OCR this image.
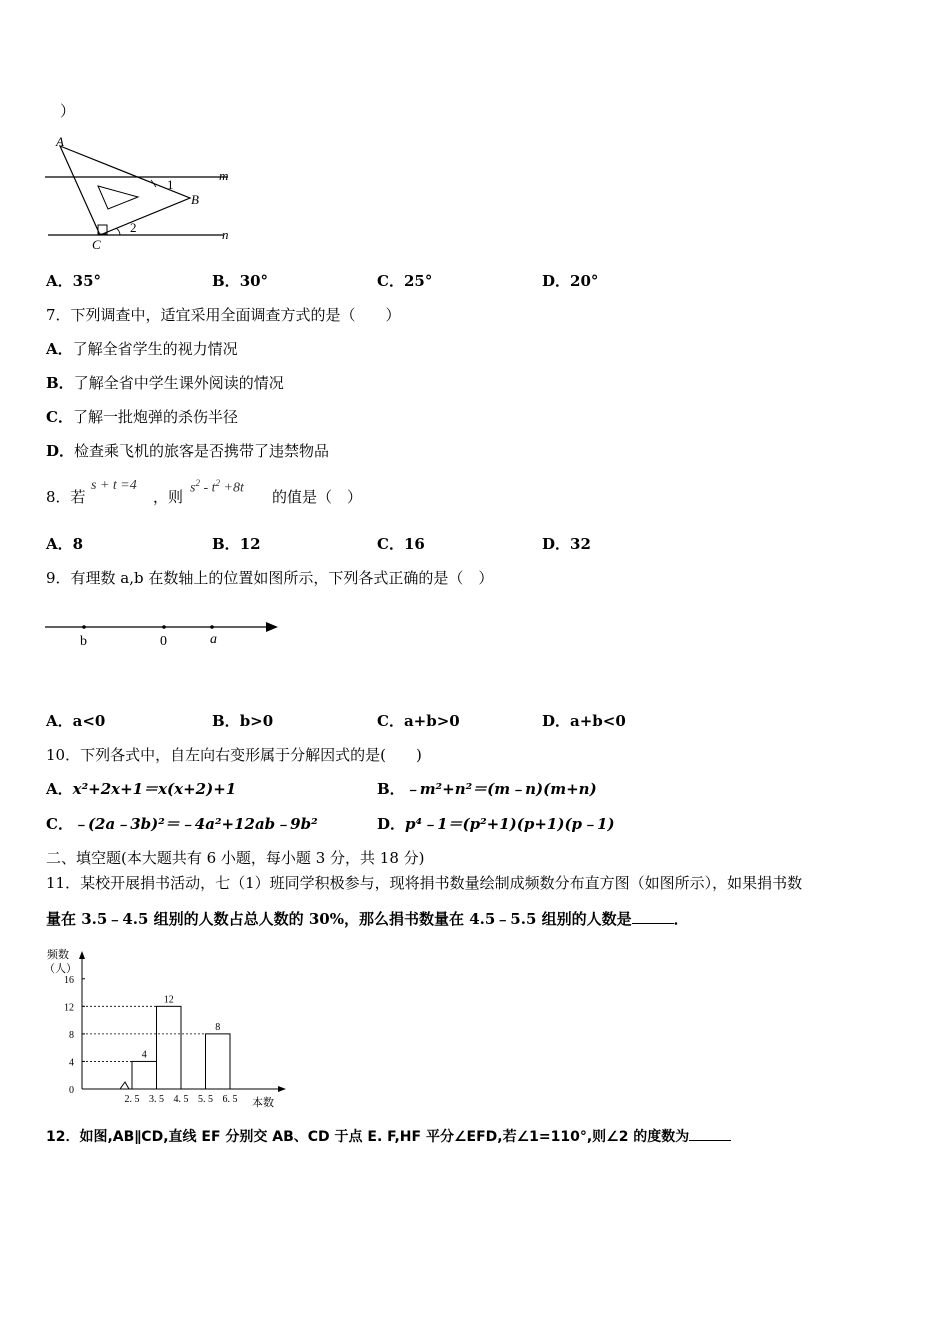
）
A
B
C
m
n
1
2
A．35°	B．30°	C．25°	D．20°
7．下列调查中，适宜采用全面调查方式的是（　　）
A．了解全省学生的视力情况
B．了解全省中学生课外阅读的情况
C．了解一批炮弹的杀伤半径
D．检查乘飞机的旅客是否携带了违禁物品
8．若
s + t =4
，则 $s^2 - t^2 +8t$ 的值是（　）
A．8	B．12	C．16	D．32
9．有理数 a,b 在数轴上的位置如图所示，下列各式正确的是（　）
b	0	a
A．a<0	B．b>0	C．a+b>0	D．a+b<0
10．下列各式中，自左向右变形属于分解因式的是(　　)
A．x²+2x+1＝x(x+2)+1	B．﹣m²+n²＝(m﹣n)(m+n)
C．﹣(2a﹣3b)²＝﹣4a²+12ab﹣9b²	D．p⁴﹣1＝(p²+1)(p+1)(p﹣1)
二、填空题(本大题共有 6 小题，每小题 3 分，共 18 分)
11．某校开展捐书活动，七（1）班同学积极参与，现将捐书数量绘制成频数分布直方图（如图所示），如果捐书数
量在 3.5﹣4.5 组别的人数占总人数的 30%，那么捐书数量在 4.5﹣5.5 组别的人数是	．
频数
（人）
0
4
8
12
16
2. 5 3. 5 4. 5 5. 5 6. 5 本数
4
12
8
12．如图,AB∥CD,直线 EF 分别交 AB、CD 于点 E. F,HF 平分∠EFD,若∠1=110°,则∠2 的度数为
